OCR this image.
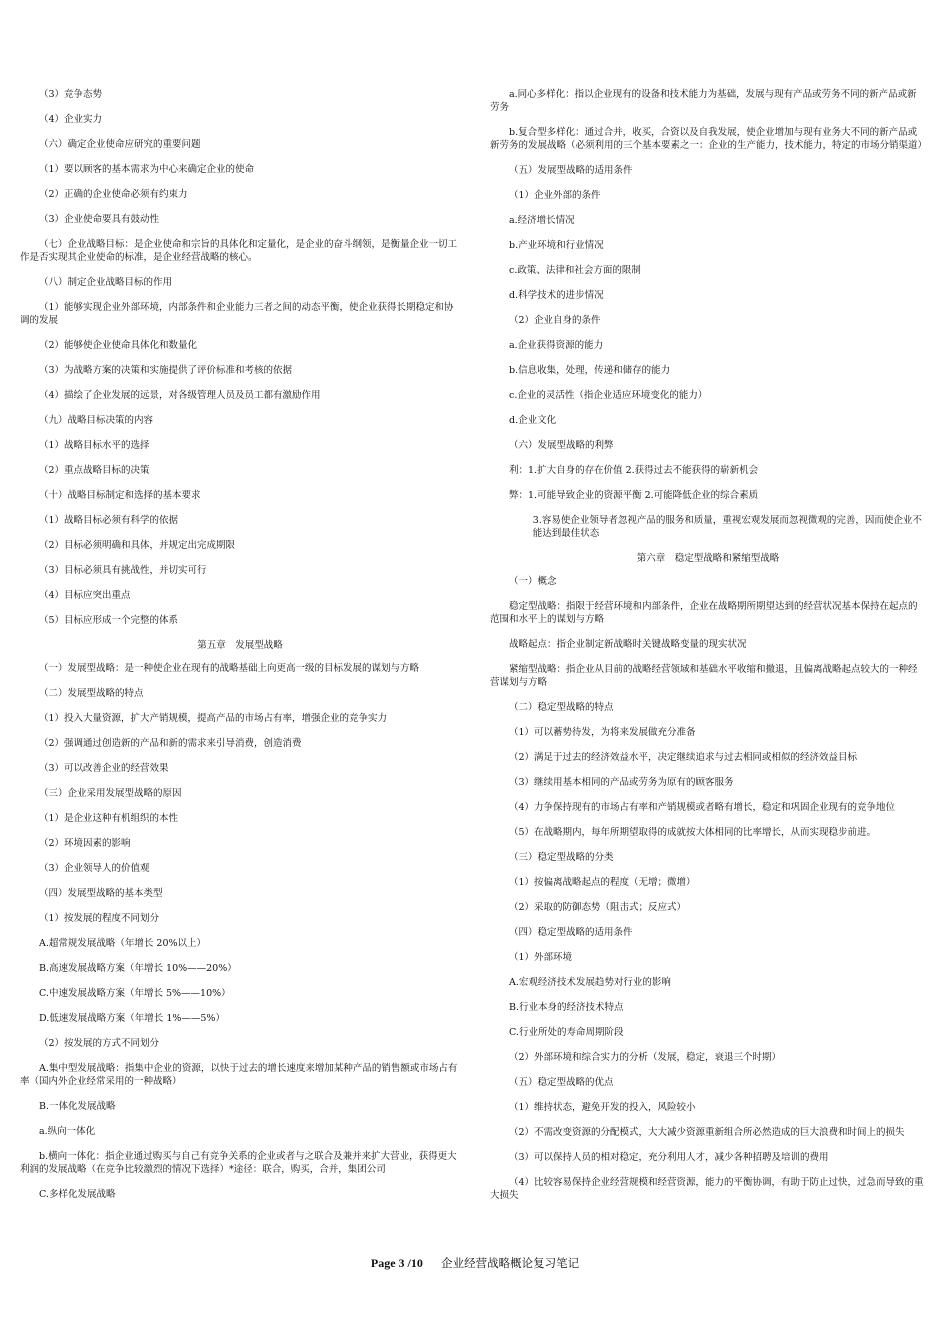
（3）竞争态势

（4）企业实力

（六）确定企业使命应研究的重要问题

（1）要以顾客的基本需求为中心来确定企业的使命

（2）正确的企业使命必须有约束力

（3）企业使命要具有鼓动性

（七）企业战略目标：是企业使命和宗旨的具体化和定量化，是企业的奋斗纲领，是衡量企业一切工作是否实现其企业使命的标准，是企业经营战略的核心。

（八）制定企业战略目标的作用

（1）能够实现企业外部环境，内部条件和企业能力三者之间的动态平衡，使企业获得长期稳定和协调的发展

（2）能够使企业使命具体化和数量化

（3）为战略方案的决策和实施提供了评价标准和考核的依据

（4）描绘了企业发展的远景，对各级管理人员及员工都有激励作用

（九）战略目标决策的内容

（1）战略目标水平的选择

（2）重点战略目标的决策

（十）战略目标制定和选择的基本要求

（1）战略目标必须有科学的依据

（2）目标必须明确和具体，并规定出完成期限

（3）目标必须具有挑战性，并切实可行

（4）目标应突出重点

（5）目标应形成一个完整的体系

第五章　发展型战略

（一）发展型战略：是一种使企业在现有的战略基础上向更高一级的目标发展的谋划与方略

（二）发展型战略的特点

（1）投入大量资源，扩大产销规模，提高产品的市场占有率，增强企业的竞争实力

（2）强调通过创造新的产品和新的需求来引导消费，创造消费

（3）可以改善企业的经营效果

（三）企业采用发展型战略的原因

（1）是企业这种有机组织的本性

（2）环境因素的影响

（3）企业领导人的价值观

（四）发展型战略的基本类型

（1）按发展的程度不同划分

A.超常规发展战略（年增长 20%以上）

B.高速发展战略方案（年增长 10%——20%）

C.中速发展战略方案（年增长 5%——10%）

D.低速发展战略方案（年增长 1%——5%）

（2）按发展的方式不同划分

A.集中型发展战略：指集中企业的资源，以快于过去的增长速度来增加某种产品的销售额或市场占有率（国内外企业经常采用的一种战略）

B.一体化发展战略

a.纵向一体化

b.横向一体化：指企业通过购买与自己有竞争关系的企业或者与之联合及兼并来扩大营业，获得更大利润的发展战略（在竞争比较激烈的情况下选择）*途径：联合，购买，合并，集团公司

C.多样化发展战略

a.同心多样化：指以企业现有的设备和技术能力为基础，发展与现有产品或劳务不同的新产品或新劳务

b.复合型多样化：通过合并，收买，合资以及自我发展，使企业增加与现有业务大不同的新产品或新劳务的发展战略（必须利用的三个基本要素之一：企业的生产能力，技术能力，特定的市场分销渠道）

（五）发展型战略的适用条件

（1）企业外部的条件

a.经济增长情况

b.产业环境和行业情况

c.政策、法律和社会方面的限制

d.科学技术的进步情况

（2）企业自身的条件

a.企业获得资源的能力

b.信息收集，处理，传递和储存的能力

c.企业的灵活性（指企业适应环境变化的能力）

d.企业文化

（六）发展型战略的利弊

利：1.扩大自身的存在价值 2.获得过去不能获得的崭新机会

弊：1.可能导致企业的资源平衡 2.可能降低企业的综合素质

3.容易使企业领导者忽视产品的服务和质量，重视宏观发展而忽视微观的完善，因而使企业不能达到最佳状态

第六章　稳定型战略和紧缩型战略

（一）概念

稳定型战略：指限于经营环境和内部条件，企业在战略期所期望达到的经营状况基本保持在起点的范围和水平上的谋划与方略

战略起点：指企业制定新战略时关键战略变量的现实状况

紧缩型战略：指企业从目前的战略经营领域和基础水平收缩和撤退，且偏离战略起点较大的一种经营谋划与方略

（二）稳定型战略的特点

（1）可以蓄势待发，为将来发展做充分准备

（2）满足于过去的经济效益水平，决定继续追求与过去相同或相似的经济效益目标

（3）继续用基本相同的产品或劳务为原有的顾客服务

（4）力争保持现有的市场占有率和产销规模或者略有增长，稳定和巩固企业现有的竞争地位

（5）在战略期内，每年所期望取得的成就按大体相同的比率增长，从而实现稳步前进。

（三）稳定型战略的分类

（1）按偏离战略起点的程度（无增；微增）

（2）采取的防御态势（阻击式；反应式）

（四）稳定型战略的适用条件

（1）外部环境

A.宏观经济技术发展趋势对行业的影响

B.行业本身的经济技术特点

C.行业所处的寿命周期阶段

（2）外部环境和综合实力的分析（发展，稳定，衰退三个时期）

（五）稳定型战略的优点

（1）维持状态，避免开发的投入，风险较小

（2）不需改变资源的分配模式，大大减少资源重新组合所必然造成的巨大浪费和时间上的损失

（3）可以保持人员的相对稳定，充分利用人才，减少各种招聘及培训的费用

（4）比较容易保持企业经营规模和经营资源，能力的平衡协调，有助于防止过快，过急而导致的重大损失

Page 3 /10 企业经营战略概论复习笔记
